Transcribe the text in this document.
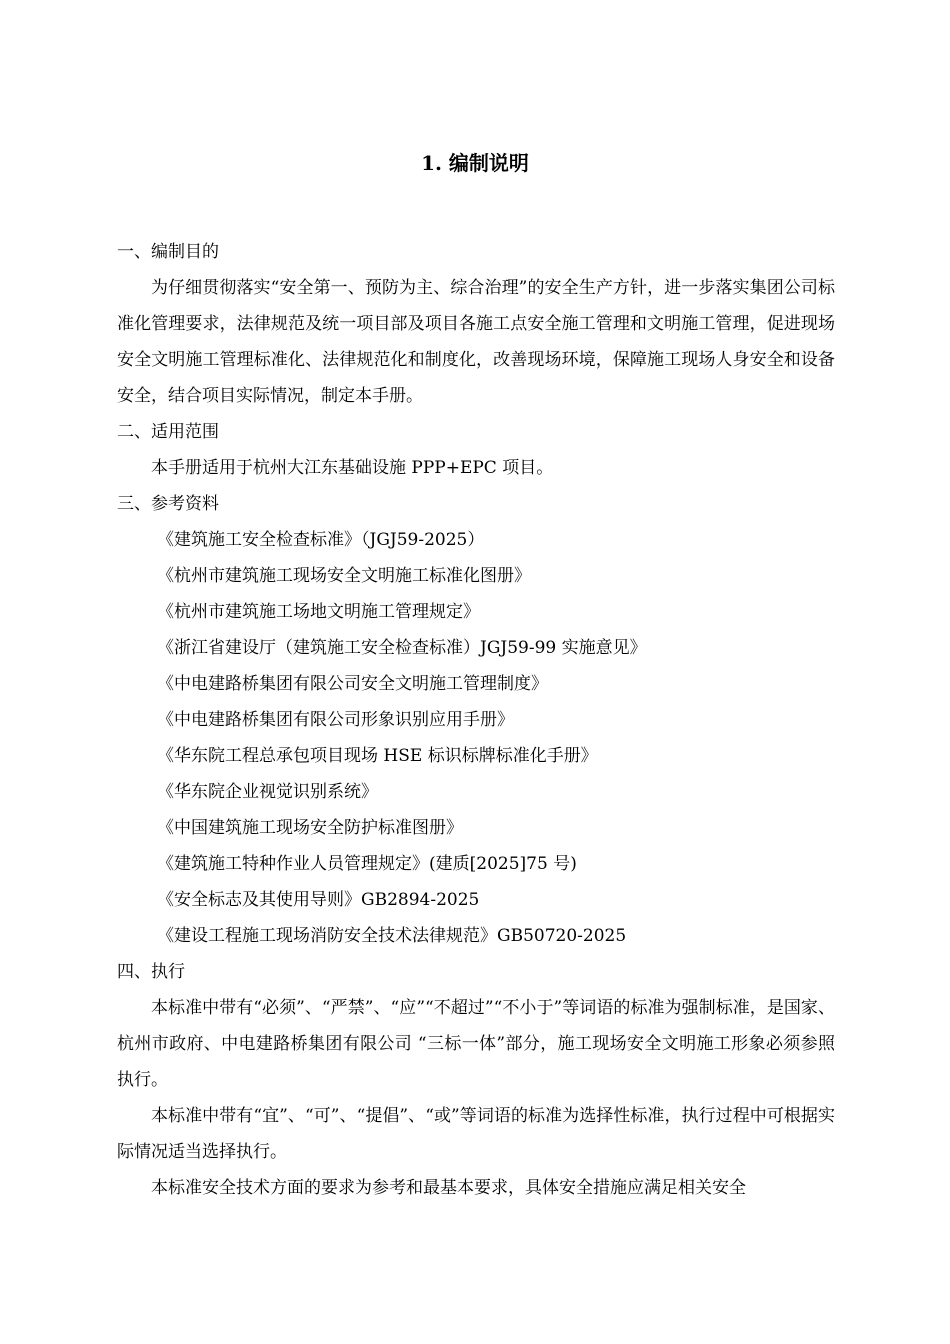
1. 编制说明
一、编制目的
为仔细贯彻落实“安全第一、预防为主、综合治理”的安全生产方针，进一步落实集团公司标准化管理要求，法律规范及统一项目部及项目各施工点安全施工管理和文明施工管理，促进现场安全文明施工管理标准化、法律规范化和制度化，改善现场环境，保障施工现场人身安全和设备安全，结合项目实际情况，制定本手册。
二、适用范围
本手册适用于杭州大江东基础设施 PPP+EPC 项目。
三、参考资料
《建筑施工安全检查标准》（JGJ59-2025）
《杭州市建筑施工现场安全文明施工标准化图册》
《杭州市建筑施工场地文明施工管理规定》
《浙江省建设厅（建筑施工安全检查标准）JGJ59-99 实施意见》
《中电建路桥集团有限公司安全文明施工管理制度》
《中电建路桥集团有限公司形象识别应用手册》
《华东院工程总承包项目现场 HSE 标识标牌标准化手册》
《华东院企业视觉识别系统》
《中国建筑施工现场安全防护标准图册》
《建筑施工特种作业人员管理规定》(建质[2025]75 号)
《安全标志及其使用导则》GB2894-2025
《建设工程施工现场消防安全技术法律规范》GB50720-2025
四、执行
本标准中带有“必须”、“严禁”、“应”“不超过”“不小于”等词语的标准为强制标准，是国家、杭州市政府、中电建路桥集团有限公司 “三标一体”部分，施工现场安全文明施工形象必须参照执行。
本标准中带有“宜”、“可”、“提倡”、“或”等词语的标准为选择性标准，执行过程中可根据实际情况适当选择执行。
本标准安全技术方面的要求为参考和最基本要求，具体安全措施应满足相关安全
